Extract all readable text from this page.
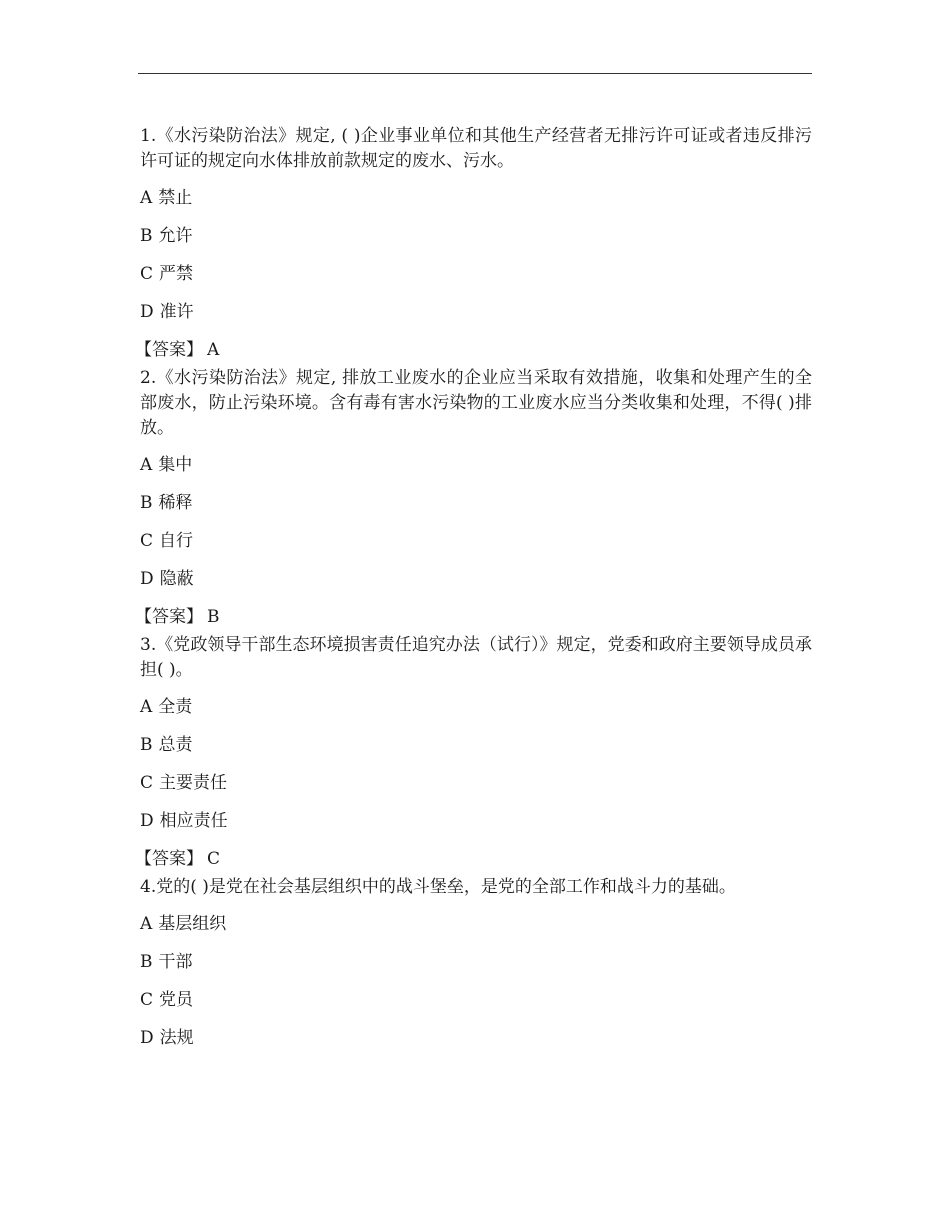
1.《水污染防治法》规定, ( )企业事业单位和其他生产经营者无排污许可证或者违反排污许可证的规定向水体排放前款规定的废水、污水。

A 禁止
B 允许
C 严禁
D 准许
【答案】 A

2.《水污染防治法》规定, 排放工业废水的企业应当采取有效措施，收集和处理产生的全部废水，防止污染环境。含有毒有害水污染物的工业废水应当分类收集和处理，不得( )排放。

A 集中
B 稀释
C 自行
D 隐蔽
【答案】 B

3.《党政领导干部生态环境损害责任追究办法（试行）》规定，党委和政府主要领导成员承担( )。

A 全责
B 总责
C 主要责任
D 相应责任
【答案】 C

4.党的( )是党在社会基层组织中的战斗堡垒，是党的全部工作和战斗力的基础。

A 基层组织
B 干部
C 党员
D 法规
